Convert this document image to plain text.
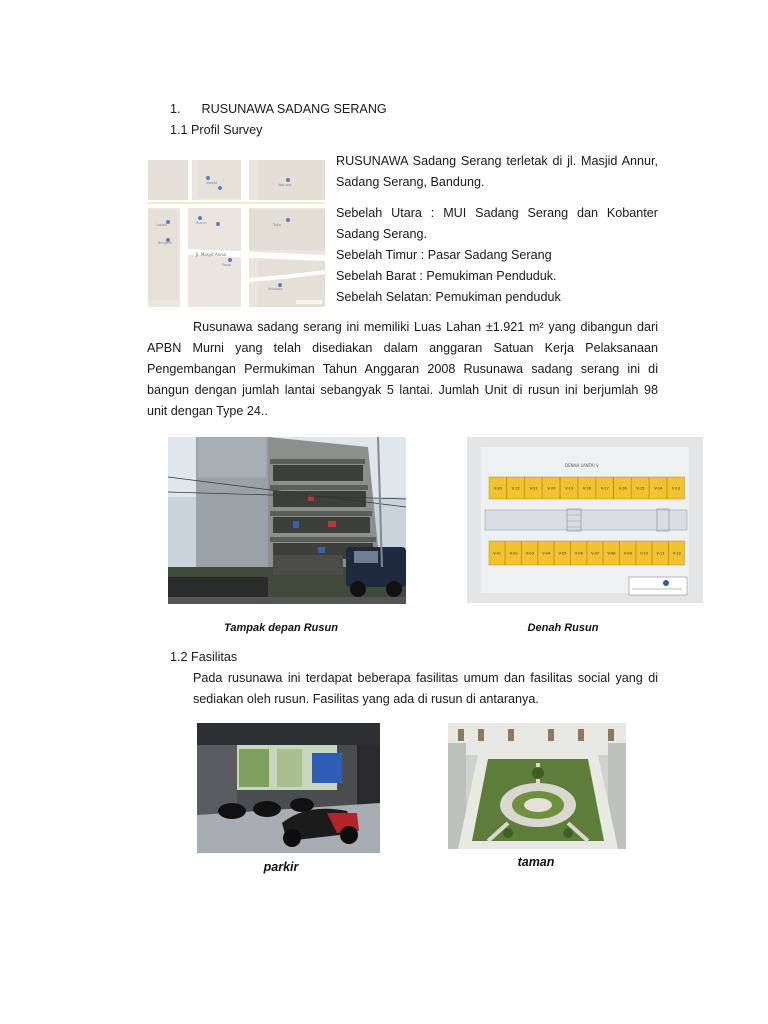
1. RUSUNAWA SADANG SERANG
1.1 Profil Survey
Masjid	Warung
Lokasi	Rusun	Toko
Bengkel
Mushola
Pasar
Jl. Masjid Annur
RUSUNAWA Sadang Serang terletak di jl. Masjid Annur,
Sadang Serang, Bandung.
Sebelah Utara : MUI Sadang Serang dan Kobanter
Sadang Serang.
Sebelah Timur : Pasar Sadang Serang
Sebelah Barat : Pemukiman Penduduk.
Sebelah Selatan: Pemukiman penduduk
Rusunawa sadang serang ini memiliki Luas Lahan ±1.921 m² yang dibangun dari
APBN Murni yang telah disediakan dalam anggaran Satuan Kerja Pelaksanaan
Pengembangan Permukiman Tahun Anggaran 2008 Rusunawa sadang serang ini di
bangun dengan jumlah lantai sebangyak 5 lantai. Jumlah Unit di rusun ini berjumlah 98
unit dengan Type 24..
DENAH LANTAI V
V-20	V-22	V-21	V-20	V-19	V-18	V-17	V-16	V-15	V-14	V-13
V-01 V-02 V-03 V-04 V-05 V-06 V-07 V-08 V-09 V-10 V-11 V-12
Tampak depan Rusun	Denah Rusun
1.2 Fasilitas
Pada rusunawa ini terdapat beberapa fasilitas umum dan fasilitas social yang di
sediakan oleh rusun. Fasilitas yang ada di rusun di antaranya.
parkir	taman
